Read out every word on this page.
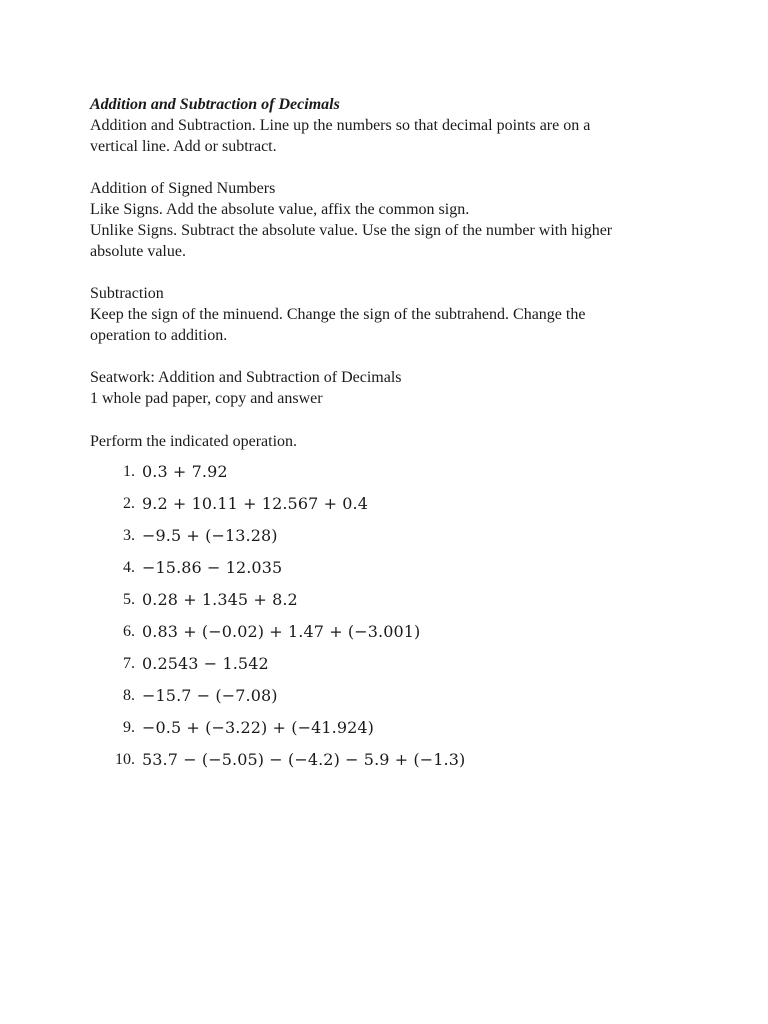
Addition and Subtraction of Decimals

Addition and Subtraction. Line up the numbers so that decimal points are on a

vertical line. Add or subtract.

Addition of Signed Numbers

Like Signs. Add the absolute value, affix the common sign.

Unlike Signs. Subtract the absolute value. Use the sign of the number with higher

absolute value.

Subtraction

Keep the sign of the minuend. Change the sign of the subtrahend. Change the

operation to addition.

Seatwork: Addition and Subtraction of Decimals

1 whole pad paper, copy and answer

Perform the indicated operation.

1. 0.3 + 7.92
2. 9.2 + 10.11 + 12.567 + 0.4
3. −9.5 + (−13.28)
4. −15.86 − 12.035
5. 0.28 + 1.345 + 8.2
6. 0.83 + (−0.02) + 1.47 + (−3.001)
7. 0.2543 − 1.542
8. −15.7 − (−7.08)
9. −0.5 + (−3.22) + (−41.924)
10. 53.7 − (−5.05) − (−4.2) − 5.9 + (−1.3)
